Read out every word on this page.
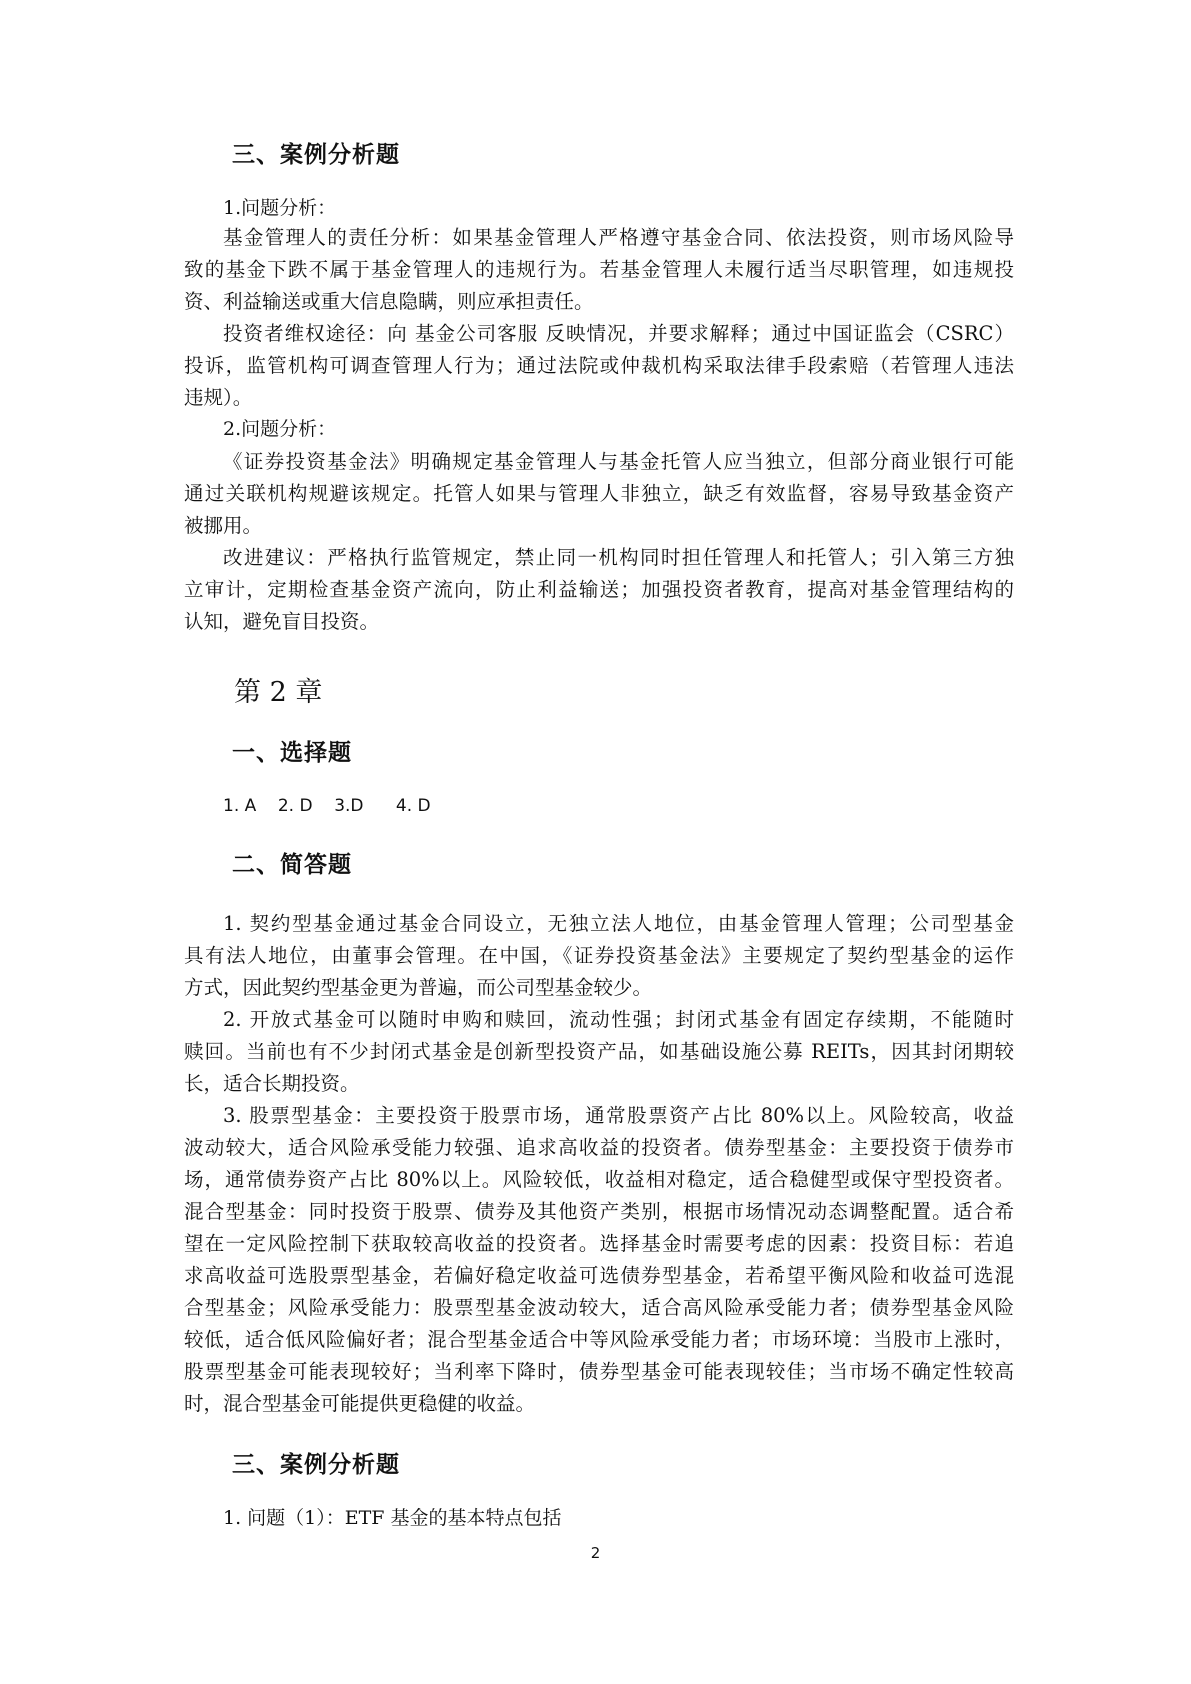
三、案例分析题
1.问题分析：
基金管理人的责任分析：如果基金管理人严格遵守基金合同、依法投资，则市场风险导
致的基金下跌不属于基金管理人的违规行为。若基金管理人未履行适当尽职管理，如违规投
资、利益输送或重大信息隐瞒，则应承担责任。
投资者维权途径：向 基金公司客服 反映情况，并要求解释；通过中国证监会（CSRC）
投诉，监管机构可调查管理人行为；通过法院或仲裁机构采取法律手段索赔（若管理人违法
违规）。
2.问题分析：
《证券投资基金法》明确规定基金管理人与基金托管人应当独立，但部分商业银行可能
通过关联机构规避该规定。托管人如果与管理人非独立，缺乏有效监督，容易导致基金资产
被挪用。
改进建议：严格执行监管规定，禁止同一机构同时担任管理人和托管人；引入第三方独
立审计，定期检查基金资产流向，防止利益输送；加强投资者教育，提高对基金管理结构的
认知，避免盲目投资。
第 2 章
一、选择题
1. A    2. D    3.D      4. D
二、简答题
1. 契约型基金通过基金合同设立，无独立法人地位，由基金管理人管理；公司型基金
具有法人地位，由董事会管理。在中国，《证券投资基金法》主要规定了契约型基金的运作
方式，因此契约型基金更为普遍，而公司型基金较少。
2. 开放式基金可以随时申购和赎回，流动性强；封闭式基金有固定存续期，不能随时
赎回。当前也有不少封闭式基金是创新型投资产品，如基础设施公募 REITs，因其封闭期较
长，适合长期投资。
3. 股票型基金：主要投资于股票市场，通常股票资产占比 80%以上。风险较高，收益
波动较大，适合风险承受能力较强、追求高收益的投资者。债券型基金：主要投资于债券市
场，通常债券资产占比 80%以上。风险较低，收益相对稳定，适合稳健型或保守型投资者。
混合型基金：同时投资于股票、债券及其他资产类别，根据市场情况动态调整配置。适合希
望在一定风险控制下获取较高收益的投资者。选择基金时需要考虑的因素：投资目标：若追
求高收益可选股票型基金，若偏好稳定收益可选债券型基金，若希望平衡风险和收益可选混
合型基金；风险承受能力：股票型基金波动较大，适合高风险承受能力者；债券型基金风险
较低，适合低风险偏好者；混合型基金适合中等风险承受能力者；市场环境：当股市上涨时，
股票型基金可能表现较好；当利率下降时，债券型基金可能表现较佳；当市场不确定性较高
时，混合型基金可能提供更稳健的收益。
三、案例分析题
1. 问题（1）：ETF 基金的基本特点包括
2
